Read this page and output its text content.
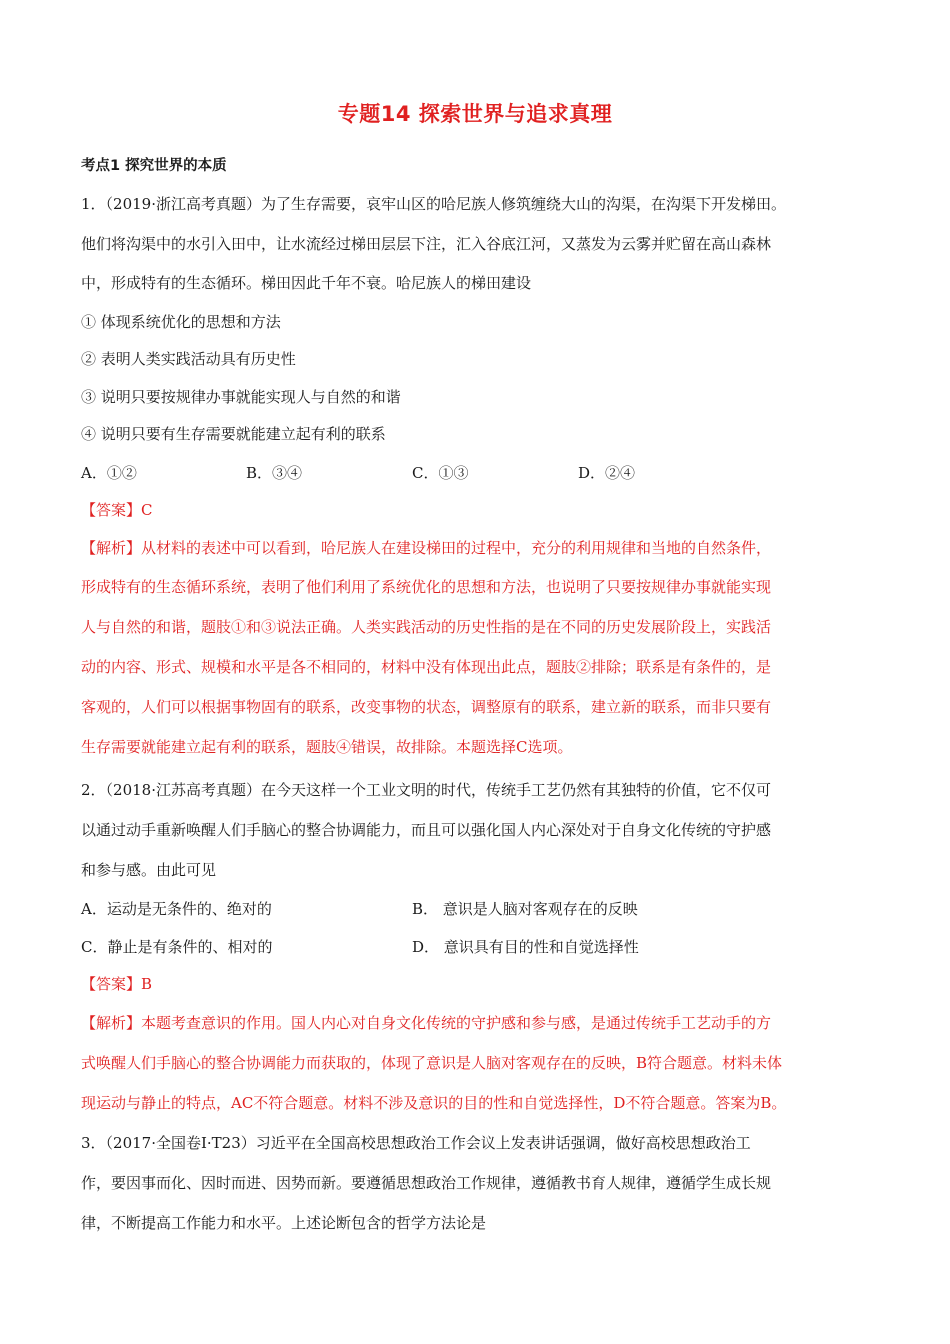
专题14 探索世界与追求真理
考点1 探究世界的本质
1．（2019·浙江高考真题）为了生存需要，哀牢山区的哈尼族人修筑缠绕大山的沟渠，在沟渠下开发梯田。
他们将沟渠中的水引入田中，让水流经过梯田层层下注，汇入谷底江河，又蒸发为云雾并贮留在高山森林
中，形成特有的生态循环。梯田因此千年不衰。哈尼族人的梯田建设
① 体现系统优化的思想和方法
② 表明人类实践活动具有历史性
③ 说明只要按规律办事就能实现人与自然的和谐
④ 说明只要有生存需要就能建立起有利的联系
A．①②	B．③④	C．①③	D．②④
【答案】C
【解析】从材料的表述中可以看到，哈尼族人在建设梯田的过程中，充分的利用规律和当地的自然条件，
形成特有的生态循环系统，表明了他们利用了系统优化的思想和方法，也说明了只要按规律办事就能实现
人与自然的和谐，题肢①和③说法正确。人类实践活动的历史性指的是在不同的历史发展阶段上，实践活
动的内容、形式、规模和水平是各不相同的，材料中没有体现出此点，题肢②排除；联系是有条件的，是
客观的，人们可以根据事物固有的联系，改变事物的状态，调整原有的联系，建立新的联系，而非只要有
生存需要就能建立起有利的联系，题肢④错误，故排除。本题选择C选项。
2．（2018·江苏高考真题）在今天这样一个工业文明的时代，传统手工艺仍然有其独特的价值，它不仅可
以通过动手重新唤醒人们手脑心的整合协调能力，而且可以强化国人内心深处对于自身文化传统的守护感
和参与感。由此可见
A．运动是无条件的、绝对的	B． 意识是人脑对客观存在的反映
C．静止是有条件的、相对的	D． 意识具有目的性和自觉选择性
【答案】B
【解析】本题考查意识的作用。国人内心对自身文化传统的守护感和参与感，是通过传统手工艺动手的方
式唤醒人们手脑心的整合协调能力而获取的，体现了意识是人脑对客观存在的反映，B符合题意。材料未体
现运动与静止的特点，AC不符合题意。材料不涉及意识的目的性和自觉选择性，D不符合题意。答案为B。
3．（2017·全国卷Ⅰ·T23）习近平在全国高校思想政治工作会议上发表讲话强调，做好高校思想政治工
作，要因事而化、因时而进、因势而新。要遵循思想政治工作规律，遵循教书育人规律，遵循学生成长规
律，不断提高工作能力和水平。上述论断包含的哲学方法论是
